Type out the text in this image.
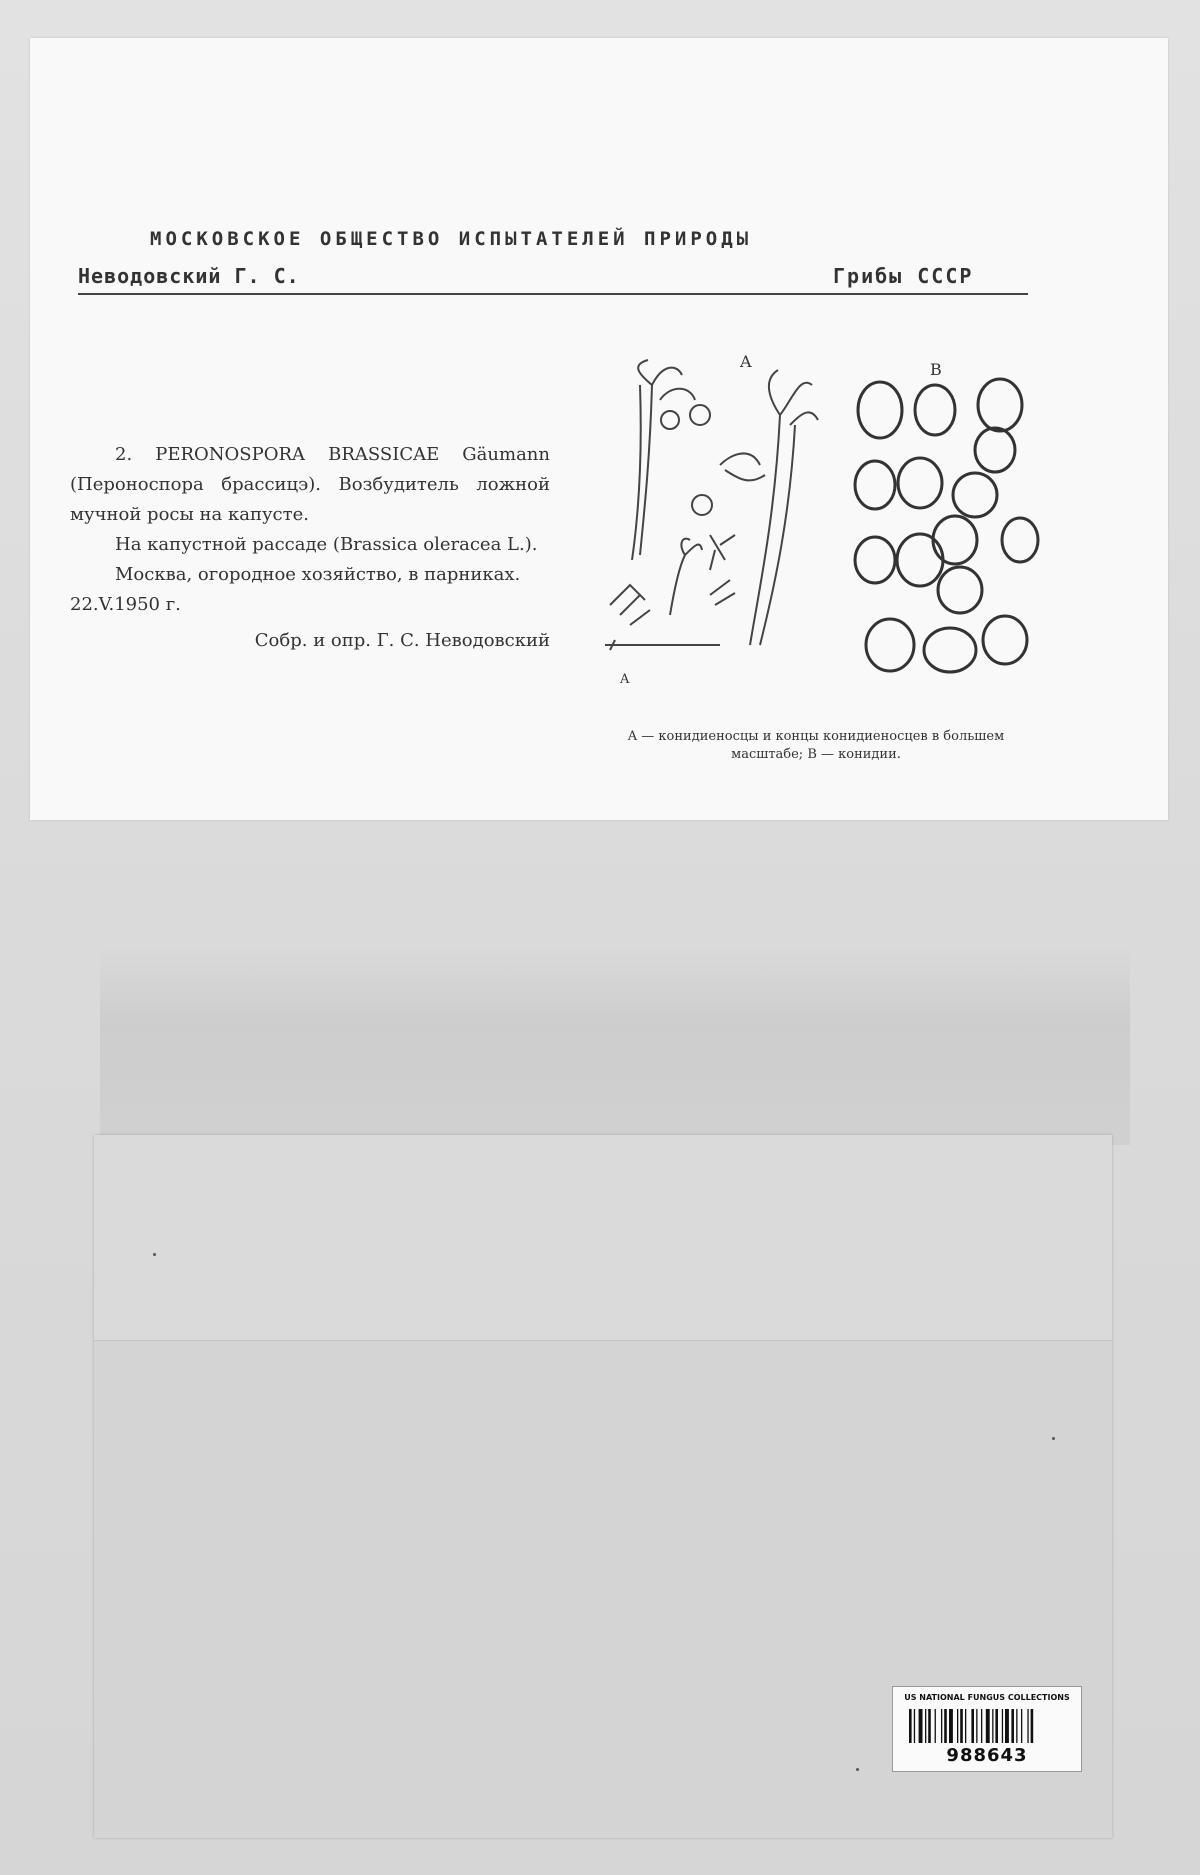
МОСКОВСКОЕ ОБЩЕСТВО ИСПЫТАТЕЛЕЙ ПРИРОДЫ
Неводовский Г. С.	Грибы СССР

2. PERONOSPORA BRASSICAE Gäumann (Пероноспора брассицэ). Возбудитель ложной мучной росы на капусте.

На капустной рассаде (Brassica oleracea L.).

Москва, огородное хозяйство, в парниках.

22.V.1950 г.

Собр. и опр. Г. С. Неводовский

A	B
A
A — конидиеносцы и концы конидиеносцев в большем масштабе; B — конидии.
US NATIONAL FUNGUS COLLECTIONS
988643
